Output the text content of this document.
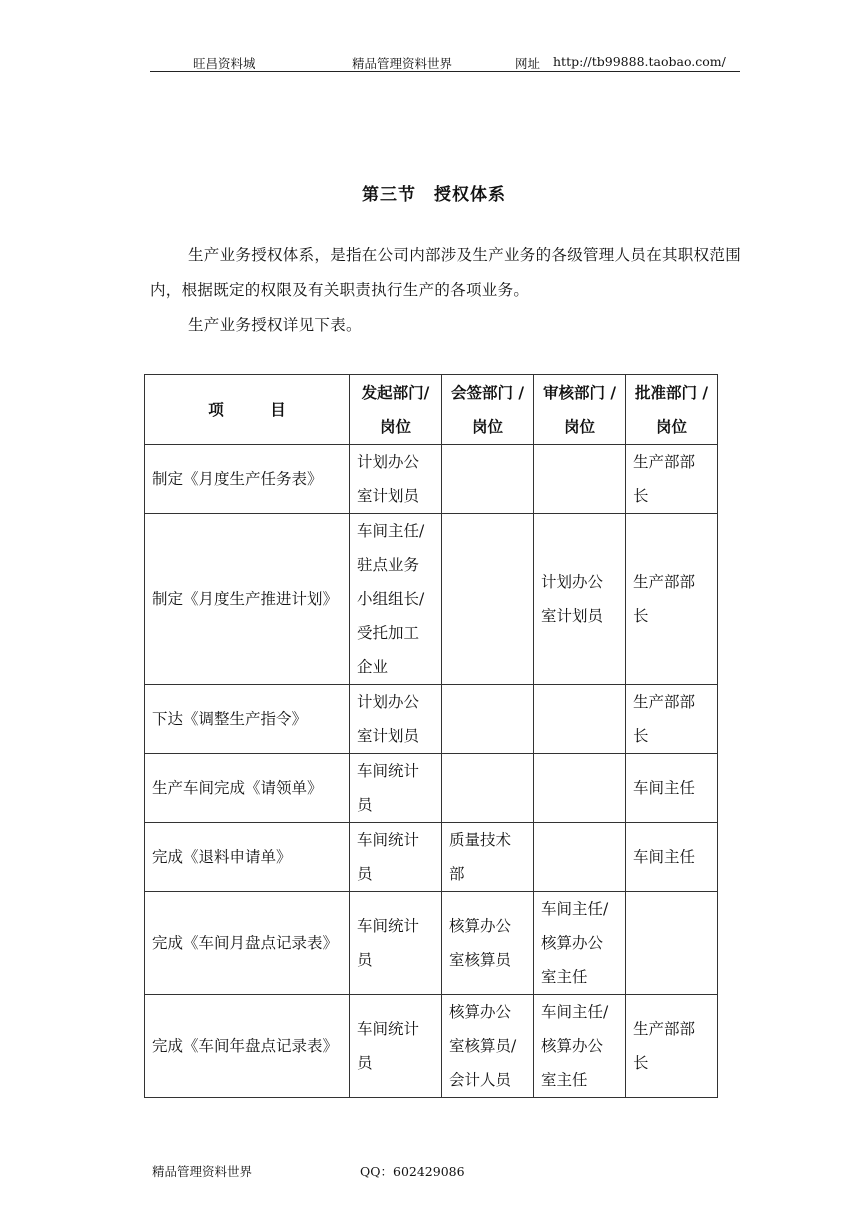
旺昌资料城	精品管理资料世界	网址 http://tb99888.taobao.com/
第三节　授权体系
生产业务授权体系，是指在公司内部涉及生产业务的各级管理人员在其职权范围内，根据既定的权限及有关职责执行生产的各项业务。
生产业务授权详见下表。
项　　　目	发起部门/岗位	会签部门 / 岗位	审核部门 / 岗位	批准部门 / 岗位
制定《月度生产任务表》	计划办公室计划员			生产部部长
制定《月度生产推进计划》	车间主任/驻点业务小组组长/ 受托加工企业		计划办公室计划员	生产部部长
下达《调整生产指令》	计划办公室计划员			生产部部长
生产车间完成《请领单》	车间统计员			车间主任
完成《退料申请单》	车间统计员	质量技术部		车间主任
完成《车间月盘点记录表》	车间统计员	核算办公室核算员	车间主任/核算办公室主任	
完成《车间年盘点记录表》	车间统计员	核算办公室核算员/会计人员	车间主任/核算办公室主任	生产部部长
精品管理资料世界	QQ：602429086
